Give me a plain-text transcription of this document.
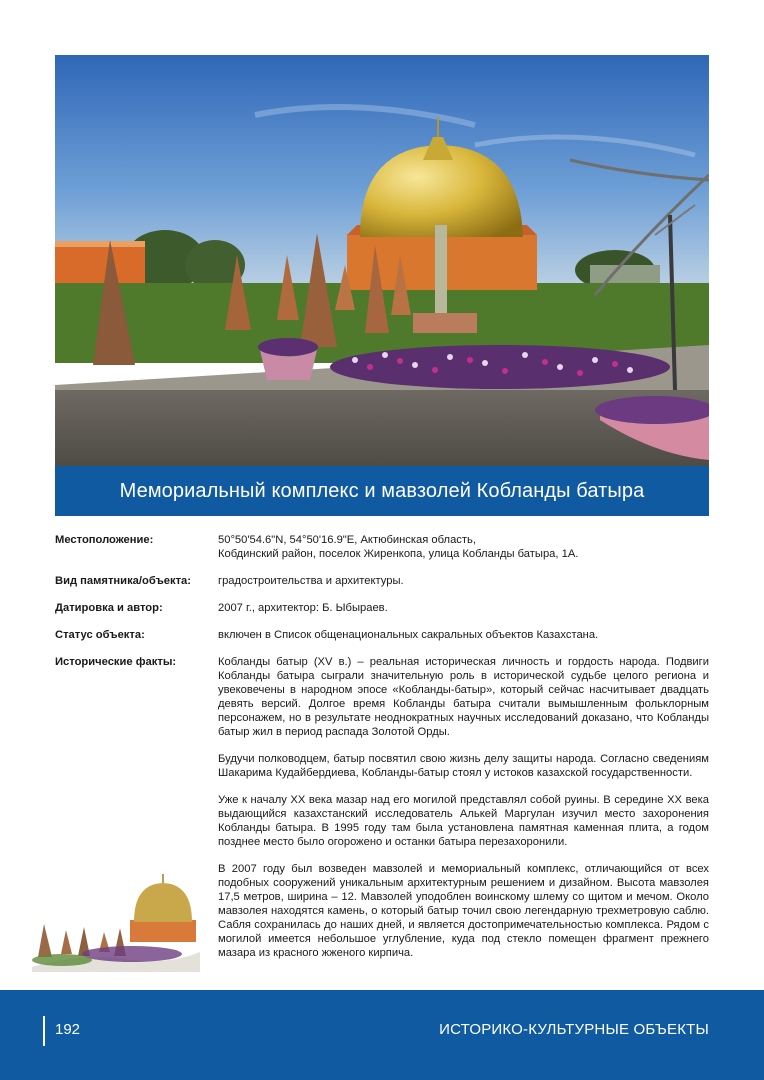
Мемориальный комплекс и мавзолей Кобланды батыра
Местоположение:	50°50'54.6"N, 54°50'16.9"E, Актюбинская область,
Кобдинский район, поселок Жиренкопа, улица Кобланды батыра, 1А.
Вид памятника/объекта:	градостроительства и архитектуры.
Датировка и автор:	2007 г., архитектор: Б. Ыбыраев.
Статус объекта:	включен в Список общенациональных сакральных объектов Казахстана.
Исторические факты:	Кобланды батыр (XV в.) – реальная историческая личность и гордость народа. Подвиги Кобланды батыра сыграли значительную роль в исторической судьбе целого региона и увековечены в народном эпосе «Кобланды-батыр», который сейчас насчитывает двадцать девять версий. Долгое время Кобланды батыра считали вымышленным фольклорным персонажем, но в результате неоднократных научных исследований доказано, что Кобланды батыр жил в период распада Золотой Орды.

Будучи полководцем, батыр посвятил свою жизнь делу защиты народа. Согласно сведениям Шакарима Кудайбердиева, Кобланды-батыр стоял у истоков казахской государственности.

Уже к началу XX века мазар над его могилой представлял собой руины. В середине XX века выдающийся казахстанский исследователь Алькей Маргулан изучил место захоронения Кобланды батыра. В 1995 году там была установлена памятная каменная плита, а годом позднее место было огорожено и останки батыра перезахоронили.

В 2007 году был возведен мавзолей и мемориальный комплекс, отличающийся от всех подобных сооружений уникальным архитектурным решением и дизайном. Высота мавзолея 17,5 метров, ширина – 12. Мавзолей уподоблен воинскому шлему со щитом и мечом. Около мавзолея находятся камень, о который батыр точил свою легендарную трехметровую саблю. Сабля сохранилась до наших дней, и является достопримечательностью комплекса. Рядом с могилой имеется небольшое углубление, куда под стекло помещен фрагмент прежнего мазара из красного жженого кирпича.

192	ИСТОРИКО-КУЛЬТУРНЫЕ ОБЪЕКТЫ
